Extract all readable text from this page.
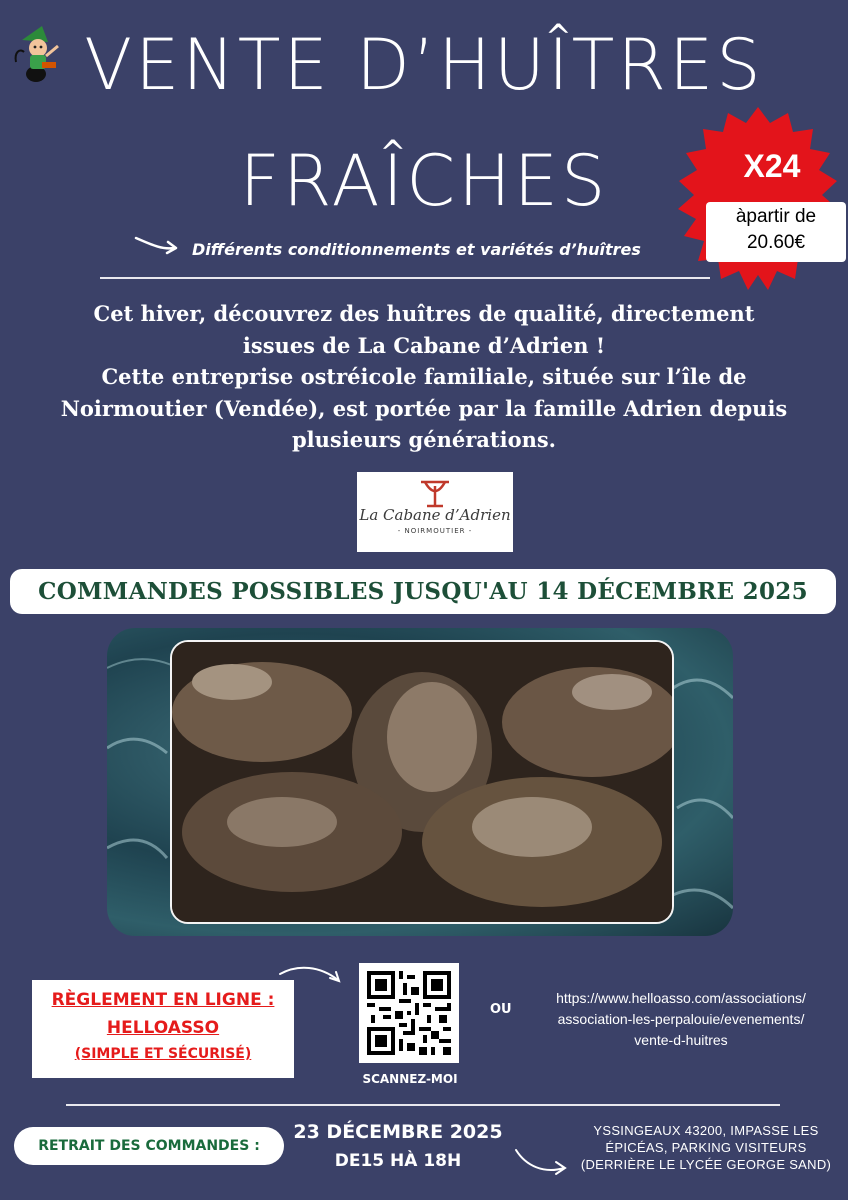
VENTE D’HUÎTRES
FRAÎCHES
Différents conditionnements et variétés d’huîtres
X24
àpartir de
20.60€
Cet hiver, découvrez des huîtres de qualité, directement
issues de La Cabane d’Adrien !
Cette entreprise ostréicole familiale, située sur l’île de
Noirmoutier (Vendée), est portée par la famille Adrien depuis
plusieurs générations.
La Cabane d’Adrien
- NOIRMOUTIER -
COMMANDES POSSIBLES JUSQU'AU 14 DÉCEMBRE 2025
RÈGLEMENT EN LIGNE :
HELLOASSO
(SIMPLE ET SÉCURISÉ)
SCANNEZ-MOI
OU
https://www.helloasso.com/associations/
association-les-perpalouie/evenements/
vente-d-huitres
RETRAIT DES COMMANDES :
23 DÉCEMBRE 2025
DE15 HÀ 18H
YSSINGEAUX 43200, IMPASSE LES
ÉPICÉAS, PARKING VISITEURS
(DERRIÈRE LE LYCÉE GEORGE SAND)
